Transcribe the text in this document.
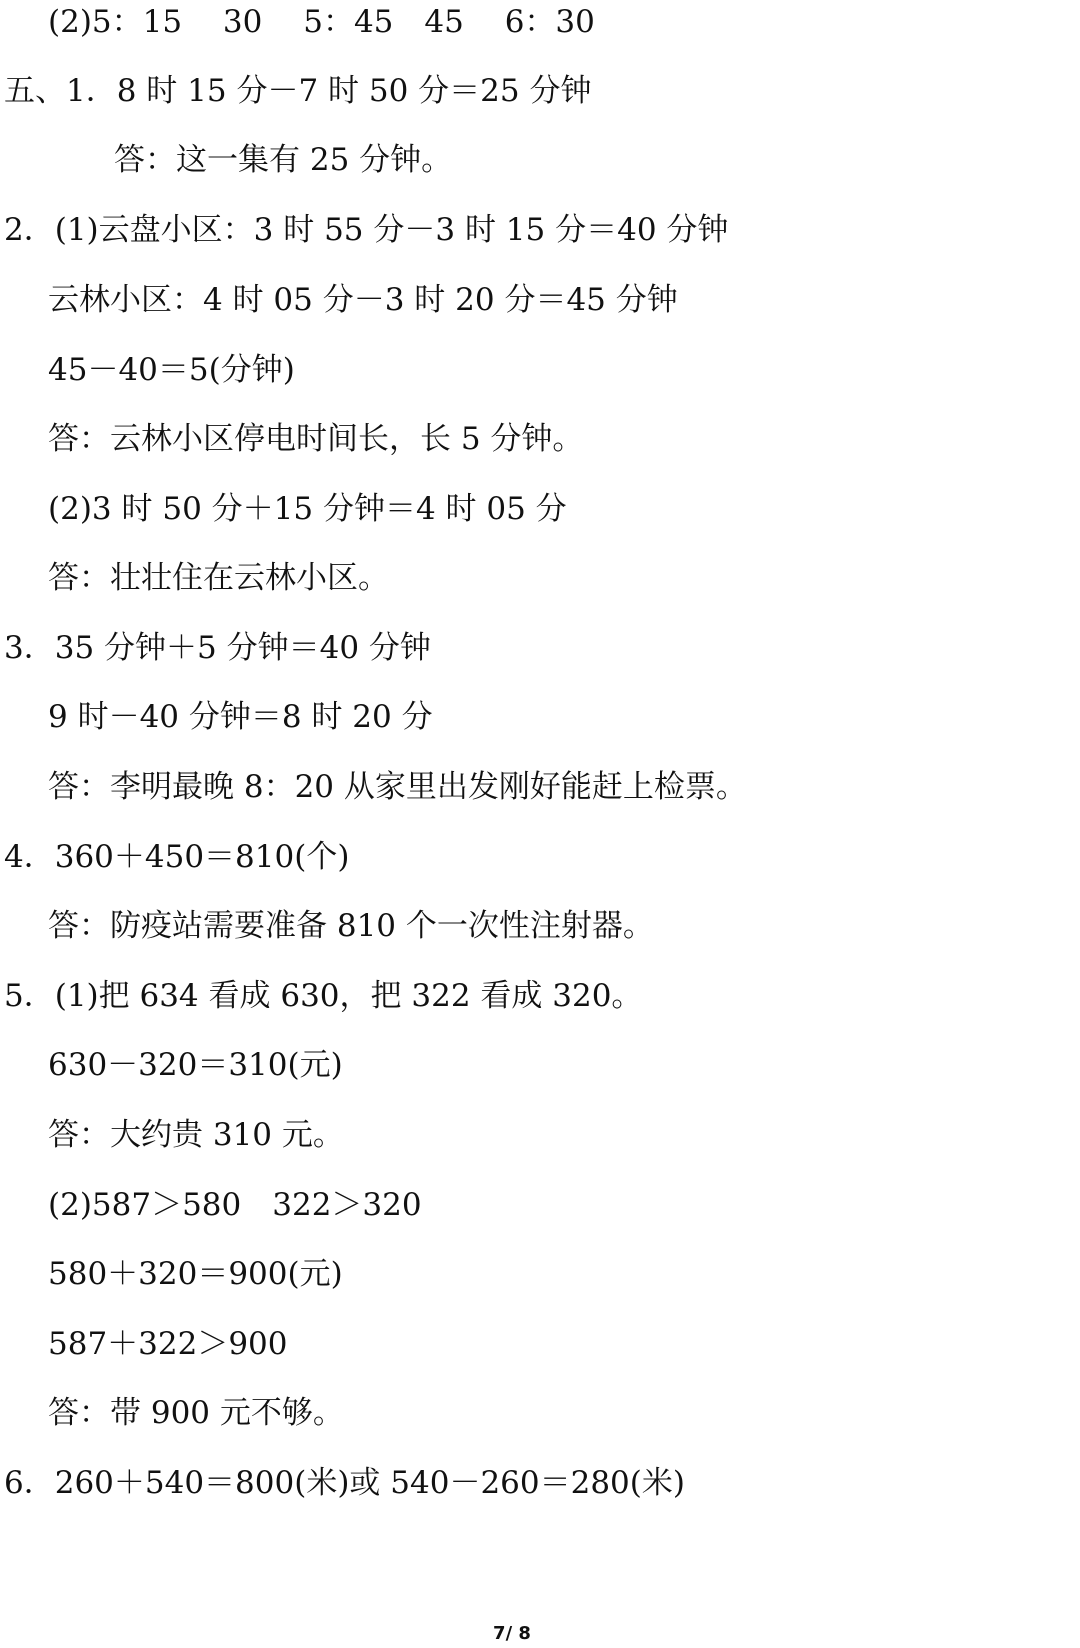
(2)5：15　 30　 5：45　45　 6：30
五、1．8 时 15 分－7 时 50 分＝25 分钟
答：这一集有 25 分钟。
2．(1)云盘小区：3 时 55 分－3 时 15 分＝40 分钟
云林小区：4 时 05 分－3 时 20 分＝45 分钟
45－40＝5(分钟)
答：云林小区停电时间长，长 5 分钟。
(2)3 时 50 分＋15 分钟＝4 时 05 分
答：壮壮住在云林小区。
3．35 分钟＋5 分钟＝40 分钟
9 时－40 分钟＝8 时 20 分
答：李明最晚 8：20 从家里出发刚好能赶上检票。
4．360＋450＝810(个)
答：防疫站需要准备 810 个一次性注射器。
5．(1)把 634 看成 630，把 322 看成 320。
630－320＝310(元)
答：大约贵 310 元。
(2)587＞580　322＞320
580＋320＝900(元)
587＋322＞900
答：带 900 元不够。
6．260＋540＝800(米)或 540－260＝280(米)
7/ 8
